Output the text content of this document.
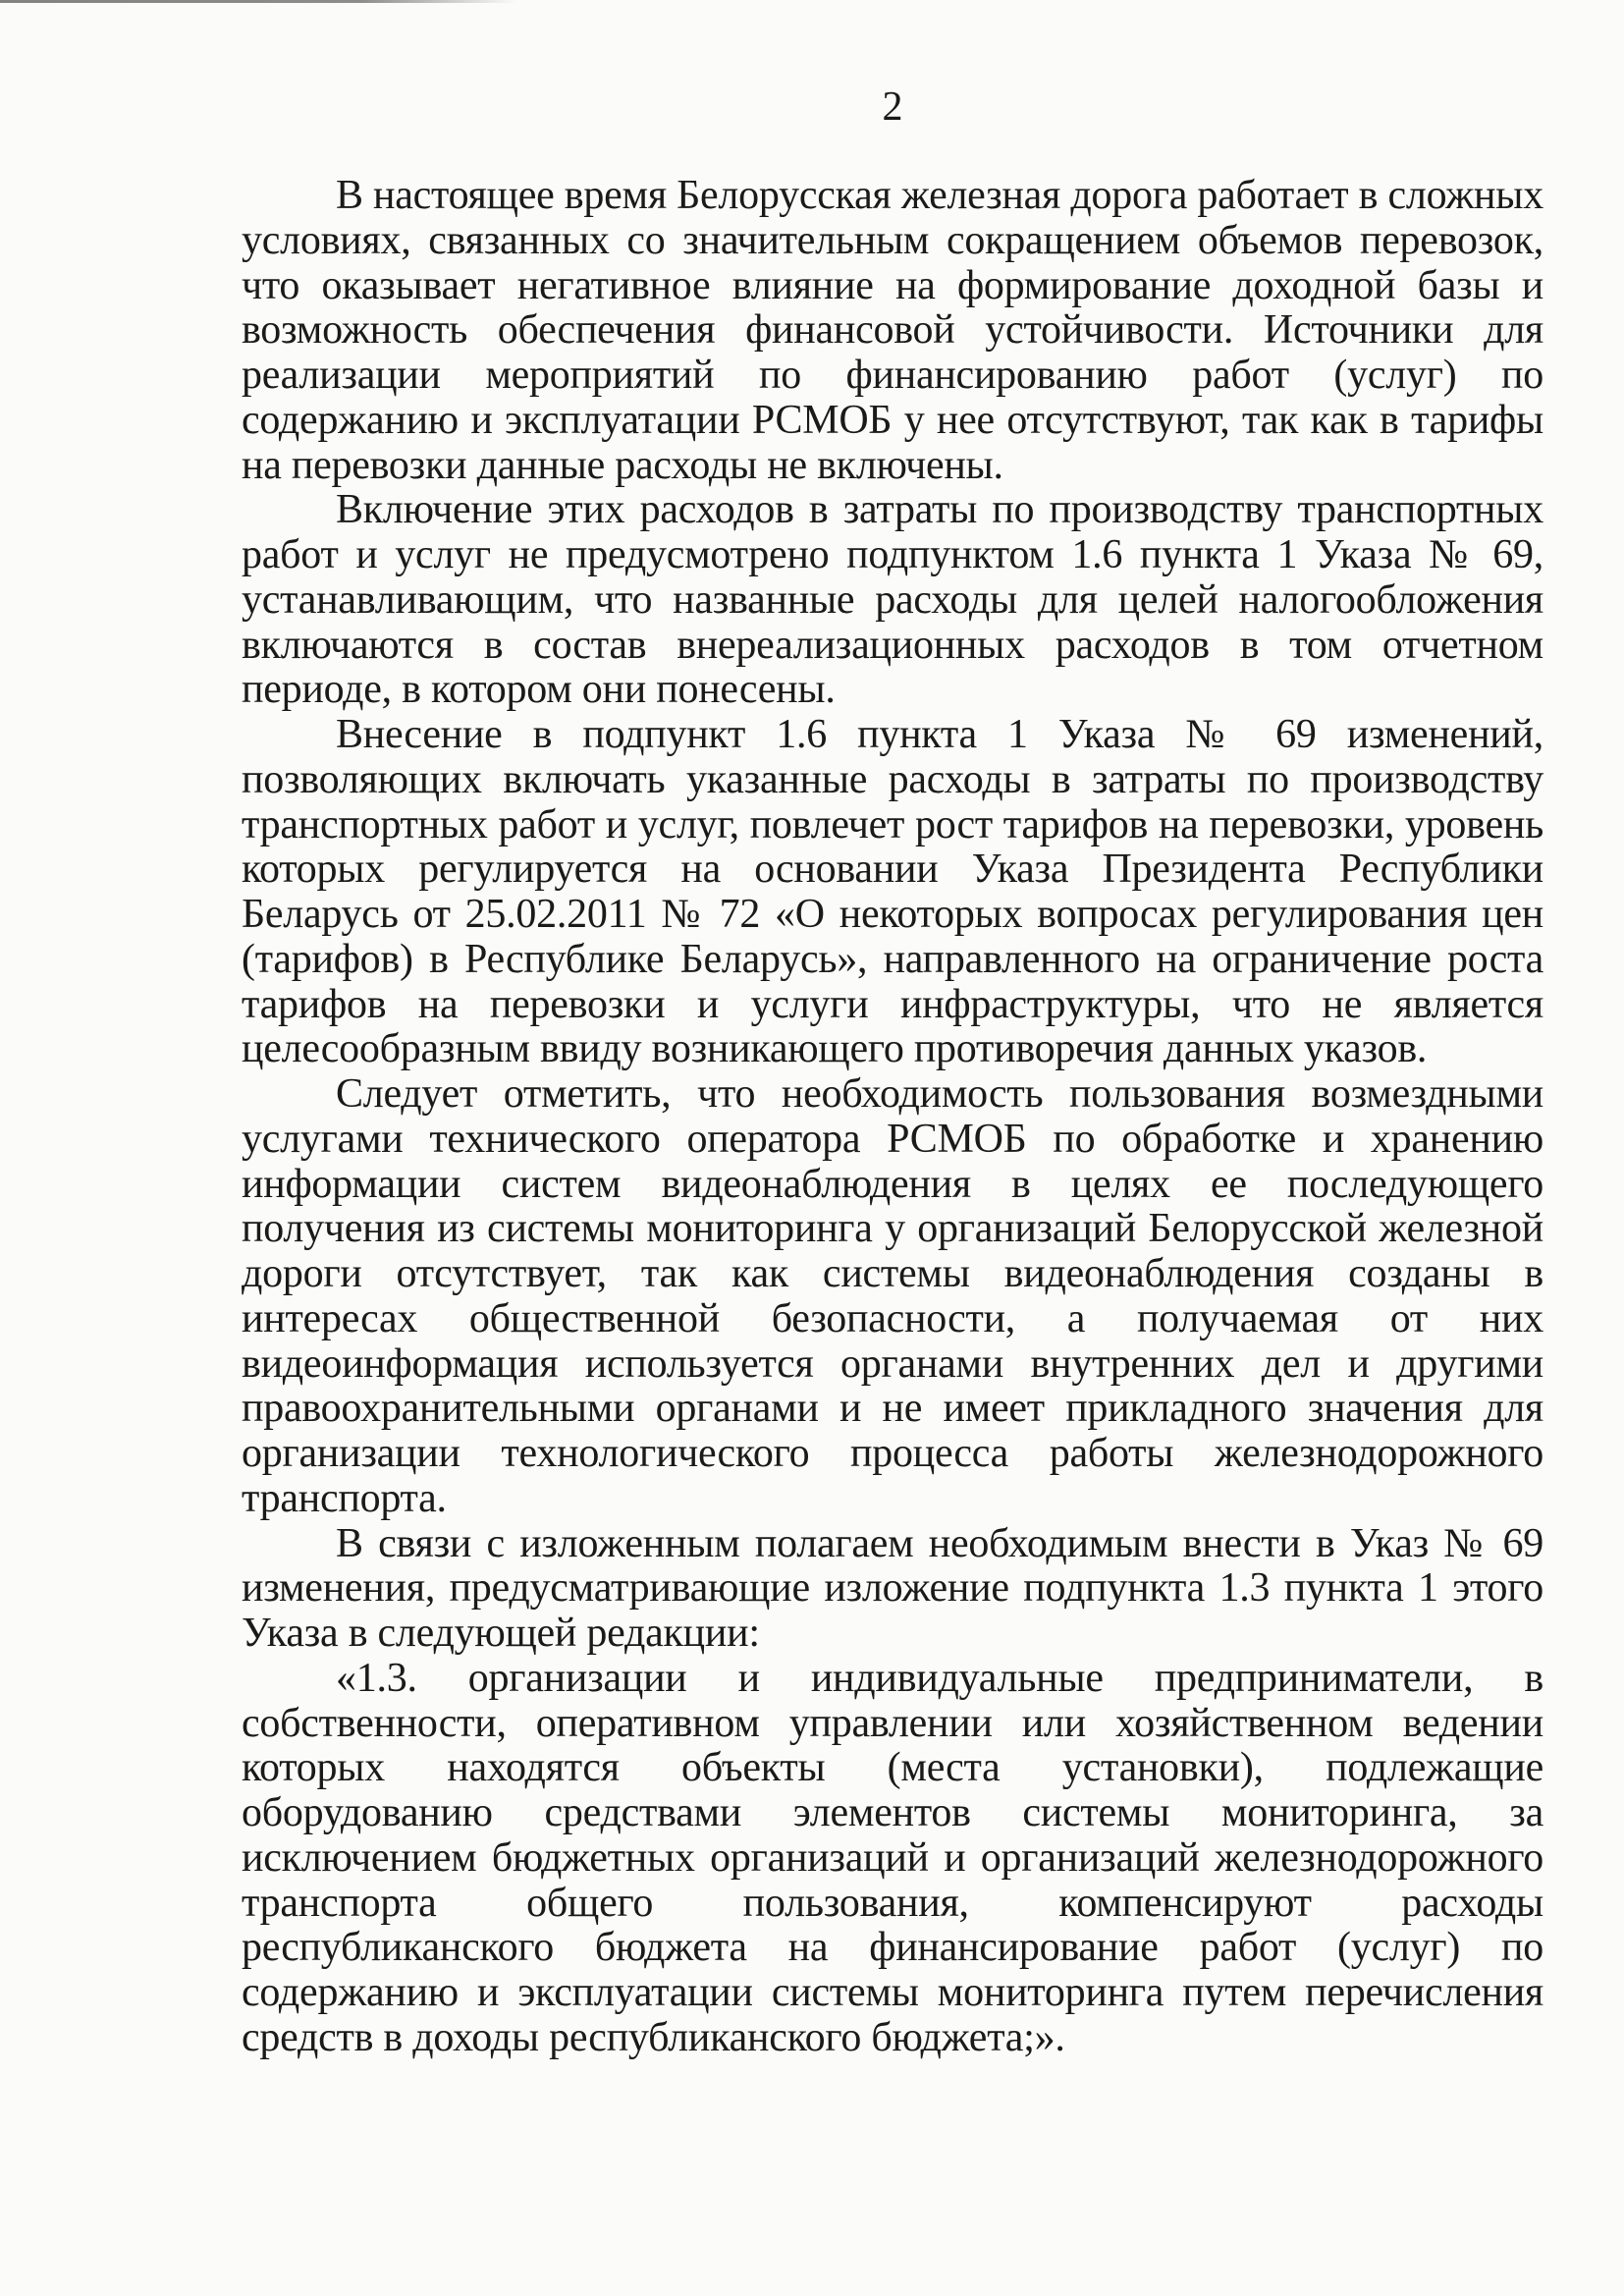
2
В настоящее время Белорусская железная дорога работает в сложных
условиях, связанных со значительным сокращением объемов перевозок,
что оказывает негативное влияние на формирование доходной базы и
возможность обеспечения финансовой устойчивости. Источники для
реализации мероприятий по финансированию работ (услуг) по
содержанию и эксплуатации РСМОБ у нее отсутствуют, так как в тарифы
на перевозки данные расходы не включены.
Включение этих расходов в затраты по производству транспортных
работ и услуг не предусмотрено подпунктом 1.6 пункта 1 Указа № 69,
устанавливающим, что названные расходы для целей налогообложения
включаются в состав внереализационных расходов в том отчетном
периоде, в котором они понесены.
Внесение в подпункт 1.6 пункта 1 Указа № 69 изменений,
позволяющих включать указанные расходы в затраты по производству
транспортных работ и услуг, повлечет рост тарифов на перевозки, уровень
которых регулируется на основании Указа Президента Республики
Беларусь от 25.02.2011 № 72 «О некоторых вопросах регулирования цен
(тарифов) в Республике Беларусь», направленного на ограничение роста
тарифов на перевозки и услуги инфраструктуры, что не является
целесообразным ввиду возникающего противоречия данных указов.
Следует отметить, что необходимость пользования возмездными
услугами технического оператора РСМОБ по обработке и хранению
информации систем видеонаблюдения в целях ее последующего
получения из системы мониторинга у организаций Белорусской железной
дороги отсутствует, так как системы видеонаблюдения созданы в
интересах общественной безопасности, а получаемая от них
видеоинформация используется органами внутренних дел и другими
правоохранительными органами и не имеет прикладного значения для
организации технологического процесса работы железнодорожного
транспорта.
В связи с изложенным полагаем необходимым внести в Указ № 69
изменения, предусматривающие изложение подпункта 1.3 пункта 1 этого
Указа в следующей редакции:
«1.3. организации и индивидуальные предприниматели, в
собственности, оперативном управлении или хозяйственном ведении
которых находятся объекты (места установки), подлежащие
оборудованию средствами элементов системы мониторинга, за
исключением бюджетных организаций и организаций железнодорожного
транспорта общего пользования, компенсируют расходы
республиканского бюджета на финансирование работ (услуг) по
содержанию и эксплуатации системы мониторинга путем перечисления
средств в доходы республиканского бюджета;».
